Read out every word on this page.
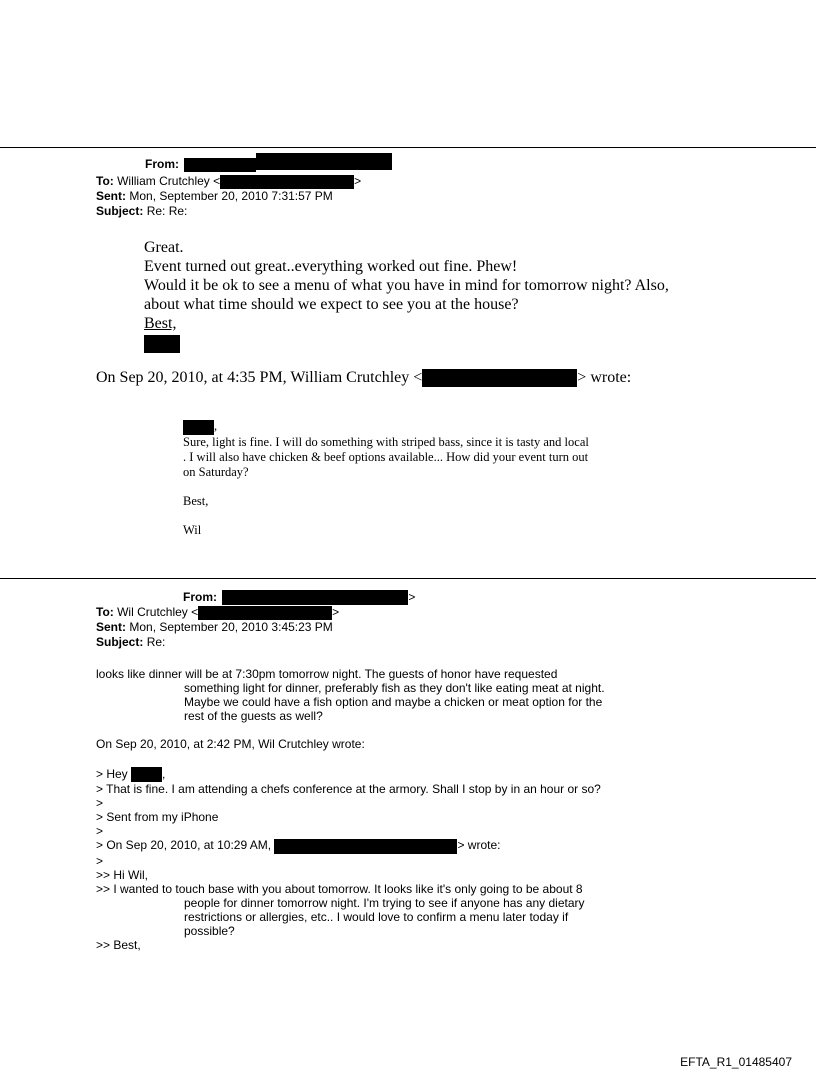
From:
To: William Crutchley <	>
Sent: Mon, September 20, 2010 7:31:57 PM
Subject: Re: Re:
Great.
Event turned out great..everything worked out fine. Phew!
Would it be ok to see a menu of what you have in mind for tomorrow night? Also,
about what time should we expect to see you at the house?
Best,
On Sep 20, 2010, at 4:35 PM, William Crutchley <	> wrote:
,
Sure, light is fine. I will do something with striped bass, since it is tasty and local
. I will also have chicken & beef options available... How did your event turn out
on Saturday?
Best,
Wil
From:	>
To: Wil Crutchley <	>
Sent: Mon, September 20, 2010 3:45:23 PM
Subject: Re:
looks like dinner will be at 7:30pm tomorrow night. The guests of honor have requested
something light for dinner, preferably fish as they don't like eating meat at night.
Maybe we could have a fish option and maybe a chicken or meat option for the
rest of the guests as well?
On Sep 20, 2010, at 2:42 PM, Wil Crutchley wrote:
> Hey	,
> That is fine. I am attending a chefs conference at the armory. Shall I stop by in an hour or so?
>
> Sent from my iPhone
>
> On Sep 20, 2010, at 10:29 AM,	> wrote:
>
>> Hi Wil,
>> I wanted to touch base with you about tomorrow. It looks like it's only going to be about 8
people for dinner tomorrow night. I'm trying to see if anyone has any dietary
restrictions or allergies, etc.. I would love to confirm a menu later today if
possible?
>> Best,
EFTA_R1_01485407
